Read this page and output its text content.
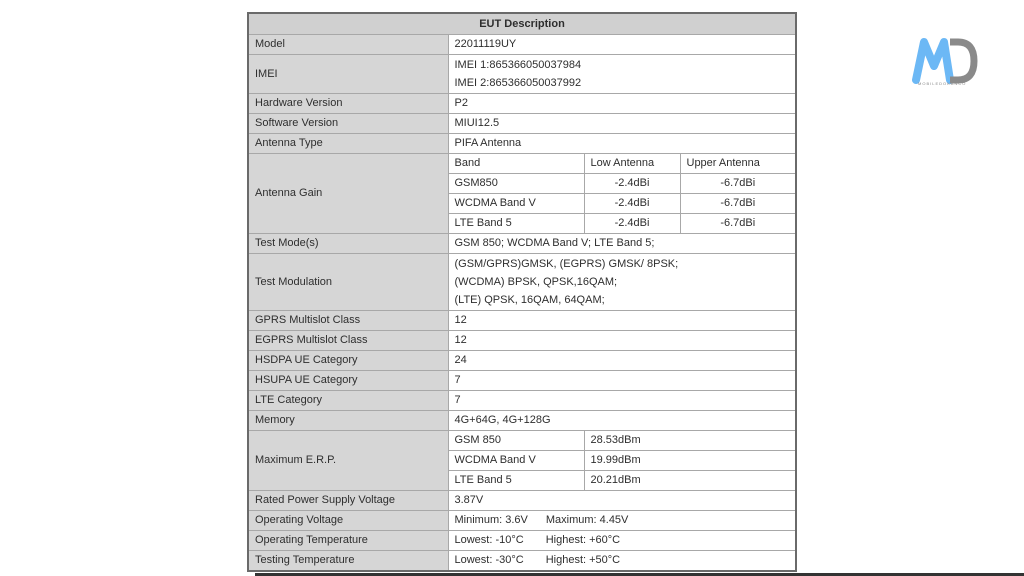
EUT Description			
Model	22011119UY		
IMEI	IMEI 1:865366050037984
IMEI 2:865366050037992		

Hardware Version	P2		
Software Version	MIUI12.5		
Antenna Type	PIFA Antenna		
Antenna Gain	Band	Low Antenna	Upper Antenna
	GSM850	-2.4dBi	-6.7dBi
	WCDMA Band V	-2.4dBi	-6.7dBi
	LTE Band 5	-2.4dBi	-6.7dBi
Test Mode(s)	GSM 850; WCDMA Band V; LTE Band 5;		
Test Modulation	(GSM/GPRS)GMSK, (EGPRS) GMSK/ 8PSK;
(WCDMA) BPSK, QPSK,16QAM;
(LTE) QPSK, 16QAM, 64QAM;		

GPRS Multislot Class	12		
EGPRS Multislot Class	12		
HSDPA UE Category	24		
HSUPA UE Category	7		
LTE Category	7		
Memory	4G+64G, 4G+128G		
Maximum E.R.P.	GSM 850	28.53dBm	
	WCDMA Band V	19.99dBm	
	LTE Band 5	20.21dBm	
Rated Power Supply Voltage	3.87V		
Operating Voltage	Minimum: 3.6V Maximum: 4.45V		
Operating Temperature	Lowest: -10°C Highest: +60°C		
Testing Temperature	Lowest: -30°C Highest: +50°C		
MOBILEDOKANCO
